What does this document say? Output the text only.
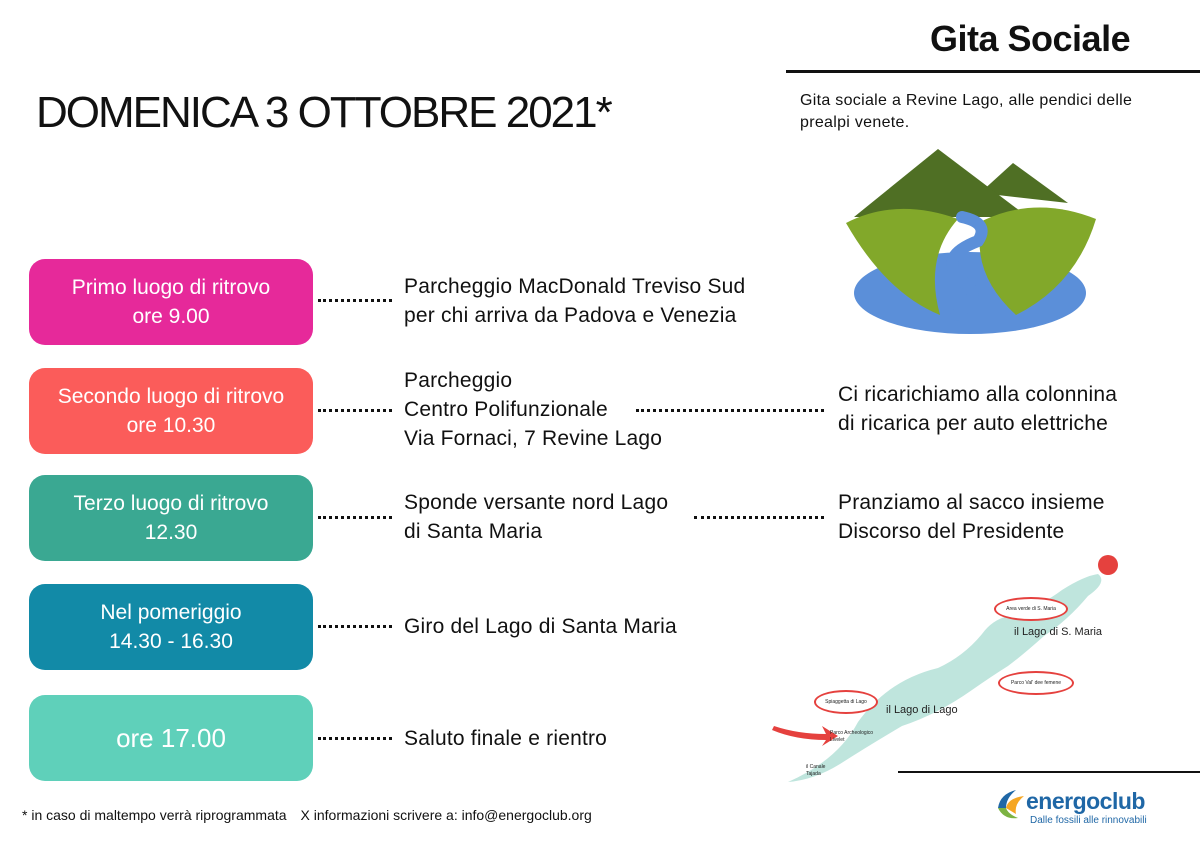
Gita Sociale
DOMENICA 3 OTTOBRE 2021*	Gita sociale a Revine Lago, alle pendici delle prealpi venete.
Primo luogo di ritrovo
ore 9.00
Secondo luogo di ritrovo
ore 10.30
Terzo luogo di ritrovo
12.30
Nel pomeriggio
14.30 - 16.30
ore 17.00
Parcheggio MacDonald Treviso Sud
per chi arriva da Padova e Venezia
Parcheggio
Centro Polifunzionale
Via Fornaci, 7 Revine Lago
Ci ricarichiamo alla colonnina
di ricarica per auto elettriche
Sponde versante nord Lago
di Santa Maria
Pranziamo al sacco insieme
Discorso del Presidente
Giro del Lago di Santa Maria
Saluto finale e rientro
Area verde di S. Maria
il Lago di S. Maria
Parco Val' dee femene
Spiaggetta di Lago
il Lago di Lago
Parco Archeologico Livelet
il Canale Tajada
* in caso di maltempo verrà riprogrammata X informazioni scrivere a: info@energoclub.org
energoclub
Dalle fossili alle rinnovabili
